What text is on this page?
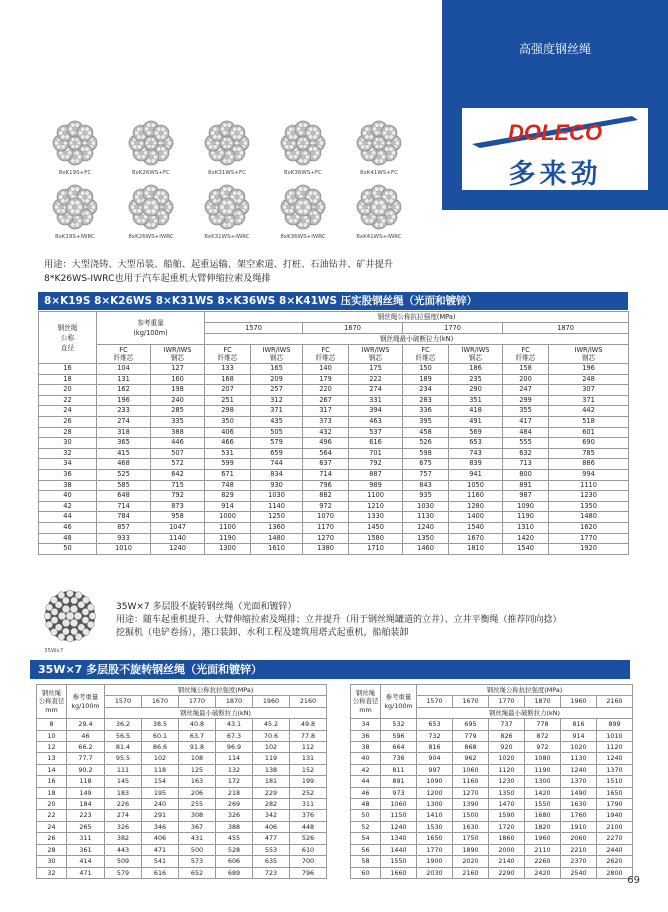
高强度钢丝绳
DOLECO
多来劲
8xK19S+FC	8xK26WS+FC	8xK31WS+FC	8xK36WS+FC	8xK41WS+FC
8xK19S+IWRC	8xK26WS+IWRC	8xK31WS+IWRC	8xK36WS+IWRC	8xK41WS+IWRC
用途：大型浇铸、大型吊装、船舶、起重运输、架空索道、打桩、石油钻井、矿井提升
8*K26WS-IWRC也用于汽车起重机大臂伸缩拉索及绳排
8×K19S 8×K26WS 8×K31WS 8×K36WS 8×K41WS 压实股钢丝绳（光面和镀锌）
钢丝绳
公称
直径	参考重量
(kg/100m)		钢丝绳公称抗拉强度(MPa)							
			1570		1670		1770		1870	
			钢丝绳最小破断拉力(kN)							
	FC
纤维芯	IWR/IWS
钢芯	FC
纤维芯	IWR/IWS
钢芯	FC
纤维芯	IWR/IWS
钢芯	FC
纤维芯	IWR/IWS
钢芯	FC
纤维芯	IWR/IWS
钢芯
16	104	127	133	165	140	175	150	186	158	196
18	131	160	168	209	179	222	189	235	200	248
20	162	198	207	257	220	274	234	290	247	307
22	196	240	251	312	267	331	283	351	299	371
24	233	285	298	371	317	394	336	418	355	442
26	274	335	350	435	373	463	395	491	417	518
28	318	388	406	505	432	537	458	569	484	601
30	365	446	466	579	496	616	526	653	555	690
32	415	507	531	659	564	701	598	743	632	785
34	468	572	599	744	637	792	675	839	713	886
36	525	642	671	834	714	887	757	941	800	994
38	585	715	748	930	796	989	843	1050	891	1110
40	648	792	829	1030	882	1100	935	1160	987	1230
42	714	873	914	1140	972	1210	1030	1280	1090	1350
44	784	958	1000	1250	1070	1330	1130	1400	1190	1480
46	857	1047	1100	1360	1170	1450	1240	1540	1310	1620
48	933	1140	1190	1480	1270	1580	1350	1670	1420	1770
50	1010	1240	1300	1610	1380	1710	1460	1810	1540	1920
35Wx7
35W×7 多层股不旋转钢丝绳（光面和镀锌）
用途：随车起重机提升、大臂伸缩拉索及绳排；立井提升（用于钢丝绳罐道的立井）、立井平衡绳（推荐同向捻）
挖掘机（电铲卷扬），港口装卸、水利工程及建筑用塔式起重机，船舶装卸
35W×7 多层股不旋转钢丝绳（光面和镀锌）
钢丝绳
公称直径
mm	参考重量
kg/100m	钢丝绳公称抗拉强度(MPa)					
		1570	1670	1770	1870	1960	2160
		钢丝绳最小破断拉力(kN)					
8	29.4	36.2	38.5	40.8	43.1	45.2	49.8
10	46	56.5	60.1	63.7	67.3	70.6	77.8
12	66.2	81.4	86.6	91.8	96.9	102	112
13	77.7	95.5	102	108	114	119	131
14	90.2	111	118	125	132	138	152
16	118	145	154	163	172	181	199
18	149	183	195	206	218	229	252
20	184	226	240	255	269	282	311
22	223	274	291	308	326	342	376
24	265	326	346	367	388	406	448
26	311	382	406	431	455	477	526
28	361	443	471	500	528	553	610
30	414	509	541	573	606	635	700
32	471	579	616	652	689	723	796
钢丝绳
公称直径
mm	参考重量
kg/100m	钢丝绳公称抗拉强度(MPa)					
		1570	1670	1770	1870	1960	2160
		钢丝绳最小破断拉力(kN)					
34	532	653	695	737	778	816	899
36	596	732	779	826	872	914	1010
38	664	816	868	920	972	1020	1120
40	736	904	962	1020	1080	1130	1240
42	811	997	1060	1120	1190	1240	1370
44	891	1090	1160	1230	1300	1370	1510
46	973	1200	1270	1350	1420	1490	1650
48	1060	1300	1390	1470	1550	1630	1790
50	1150	1410	1500	1590	1680	1760	1940
52	1240	1530	1630	1720	1820	1910	2100
54	1340	1650	1750	1860	1960	2060	2270
56	1440	1770	1890	2000	2110	2210	2440
58	1550	1900	2020	2140	2260	2370	2620
60	1660	2030	2160	2290	2420	2540	2800
69
